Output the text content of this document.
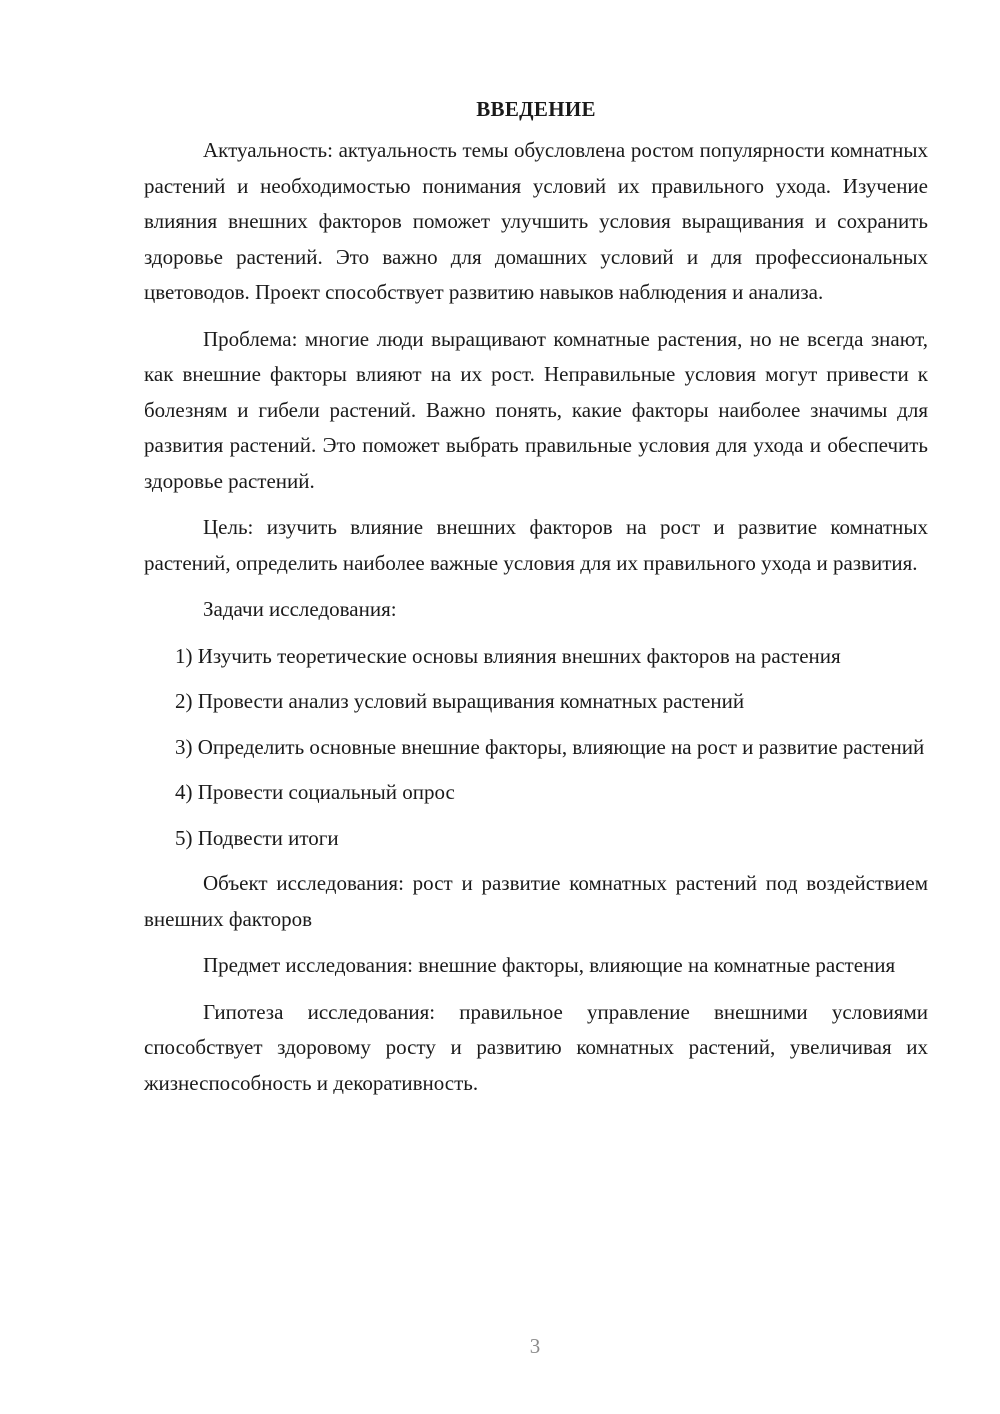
ВВЕДЕНИЕ

Актуальность: актуальность темы обусловлена ростом популярности комнатных растений и необходимостью понимания условий их правильного ухода. Изучение влияния внешних факторов поможет улучшить условия выращивания и сохранить здоровье растений. Это важно для домашних условий и для профессиональных цветоводов. Проект способствует развитию навыков наблюдения и анализа.

Проблема: многие люди выращивают комнатные растения, но не всегда знают, как внешние факторы влияют на их рост. Неправильные условия могут привести к болезням и гибели растений. Важно понять, какие факторы наиболее значимы для развития растений. Это поможет выбрать правильные условия для ухода и обеспечить здоровье растений.

Цель: изучить влияние внешних факторов на рост и развитие комнатных растений, определить наиболее важные условия для их правильного ухода и развития.

Задачи исследования:

1) Изучить теоретические основы влияния внешних факторов на растения

2) Провести анализ условий выращивания комнатных растений

3) Определить основные внешние факторы, влияющие на рост и развитие растений

4) Провести социальный опрос

5) Подвести итоги

Объект исследования: рост и развитие комнатных растений под воздействием внешних факторов

Предмет исследования: внешние факторы, влияющие на комнатные растения

Гипотеза исследования: правильное управление внешними условиями способствует здоровому росту и развитию комнатных растений, увеличивая их жизнеспособность и декоративность.

3
